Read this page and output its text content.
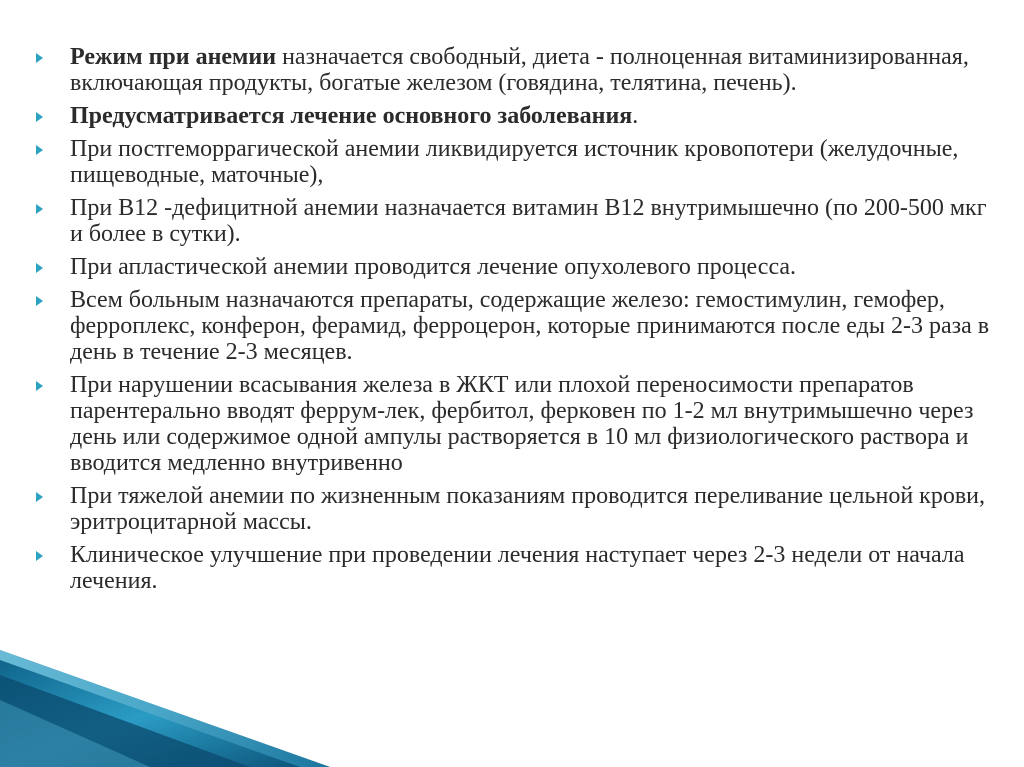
Режим при анемии назначается свободный, диета - полноценная витаминизированная, включающая продукты, богатые железом (говядина, телятина, печень).
Предусматривается лечение основного заболевания.
При постгеморрагической анемии ликвидируется источник кровопотери (желудочные, пищеводные, маточные),
При В12 -дефицитной анемии назначается витамин В12 внутримышечно (по 200-500 мкг и более в сутки).
При апластической анемии проводится лечение опухолевого процесса.
Всем больным назначаются препараты, содержащие железо: гемостимулин, гемофер, ферроплекс, конферон, ферамид, ферроцерон, которые принимаются после еды 2-3 раза в день в течение 2-3 месяцев.
При нарушении всасывания железа в ЖКТ или плохой переносимости препаратов парентерально вводят феррум-лек, фербитол, ферковен по 1-2 мл внутримышечно через день или содержимое одной ампулы растворяется в 10 мл физиологического раствора и вводится медленно внутривенно
При тяжелой анемии по жизненным показаниям проводится переливание цельной крови, эритроцитарной массы.
Клиническое улучшение при проведении лечения наступает через 2-3 недели от начала лечения.
